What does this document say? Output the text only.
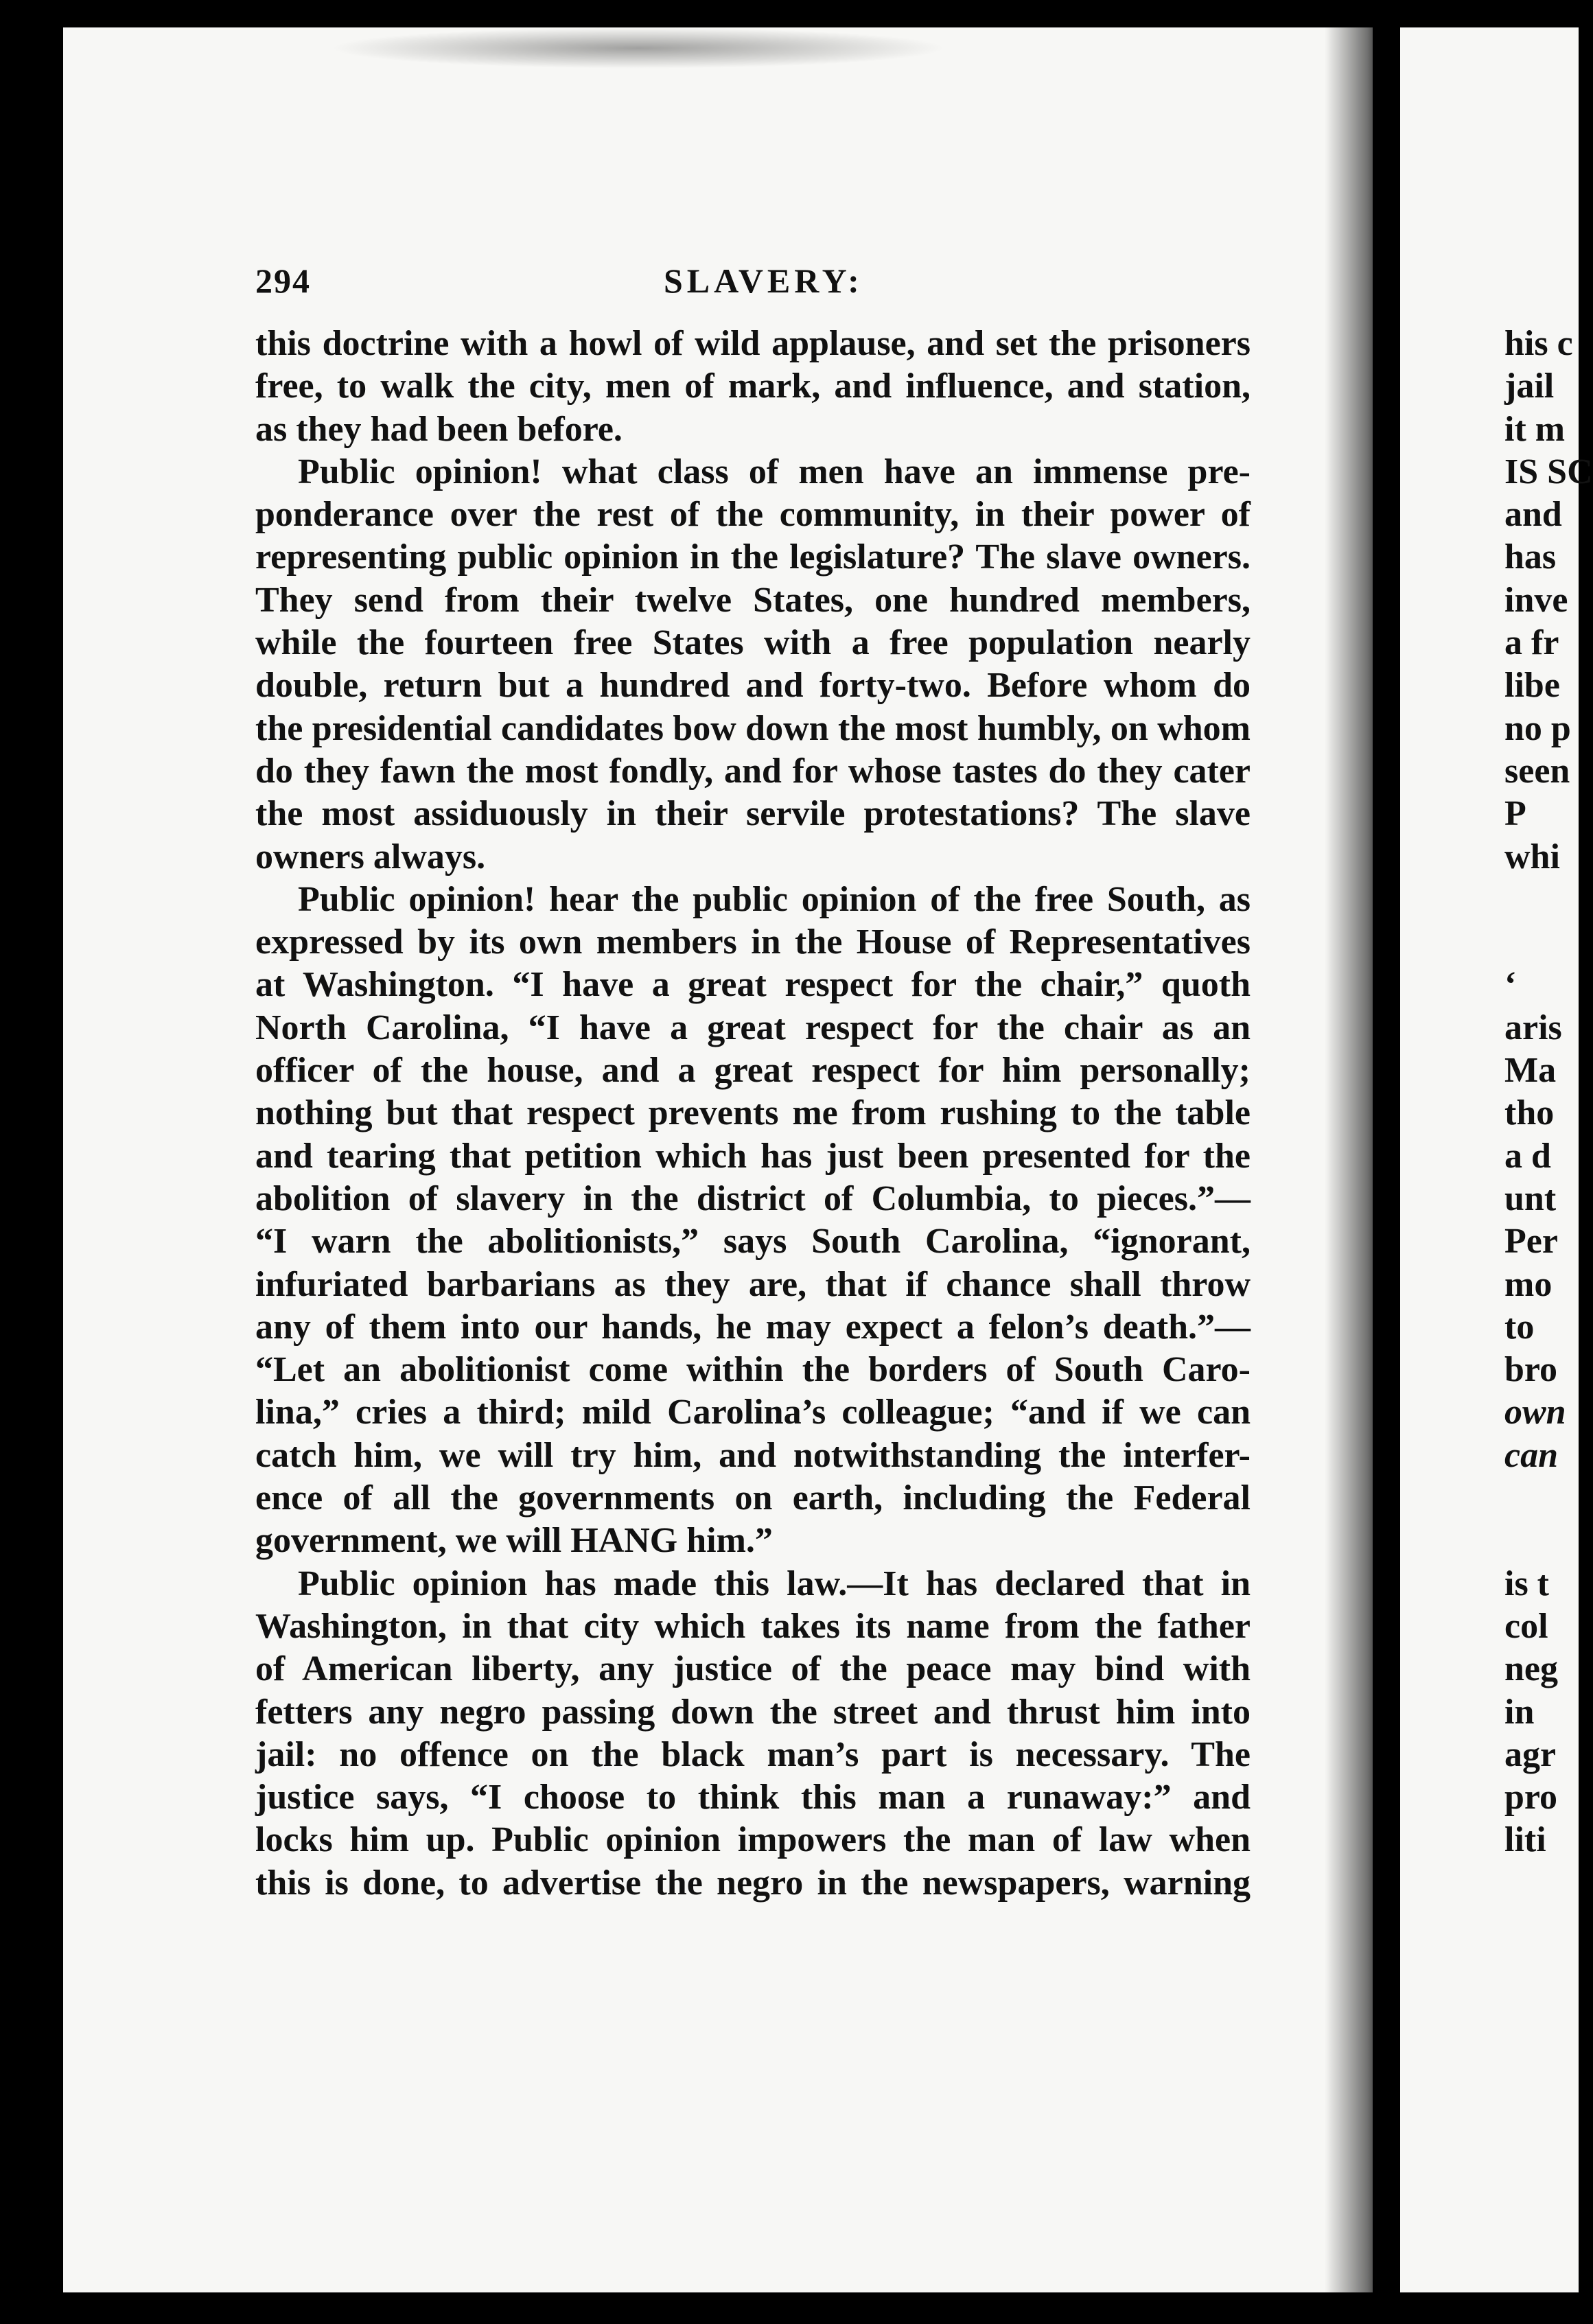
294	SLAVERY:
this doctrine with a howl of wild applause, and set the prisoners
free, to walk the city, men of mark, and influence, and station,
as they had been before.
Public opinion! what class of men have an immense pre-
ponderance over the rest of the community, in their power of
representing public opinion in the legislature? The slave owners.
They send from their twelve States, one hundred members,
while the fourteen free States with a free population nearly
double, return but a hundred and forty-two. Before whom do
the presidential candidates bow down the most humbly, on whom
do they fawn the most fondly, and for whose tastes do they cater
the most assiduously in their servile protestations? The slave
owners always.
Public opinion! hear the public opinion of the free South, as
expressed by its own members in the House of Representatives
at Washington. “I have a great respect for the chair,” quoth
North Carolina, “I have a great respect for the chair as an
officer of the house, and a great respect for him personally;
nothing but that respect prevents me from rushing to the table
and tearing that petition which has just been presented for the
abolition of slavery in the district of Columbia, to pieces.”—
“I warn the abolitionists,” says South Carolina, “ignorant,
infuriated barbarians as they are, that if chance shall throw
any of them into our hands, he may expect a felon’s death.”—
“Let an abolitionist come within the borders of South Caro-
lina,” cries a third; mild Carolina’s colleague; “and if we can
catch him, we will try him, and notwithstanding the interfer-
ence of all the governments on earth, including the Federal
government, we will HANG him.”
Public opinion has made this law.—It has declared that in
Washington, in that city which takes its name from the father
of American liberty, any justice of the peace may bind with
fetters any negro passing down the street and thrust him into
jail: no offence on the black man’s part is necessary. The
justice says, “I choose to think this man a runaway:” and
locks him up. Public opinion impowers the man of law when
this is done, to advertise the negro in the newspapers, warning
his c
jail
it m
IS SC
and
has
inve
a fr
libe
no p
seen
P
whi
‘
aris
Ma
tho
a d
unt
Per
mo
to
bro
own
can
is t
col
neg
in
agr
pro
liti
